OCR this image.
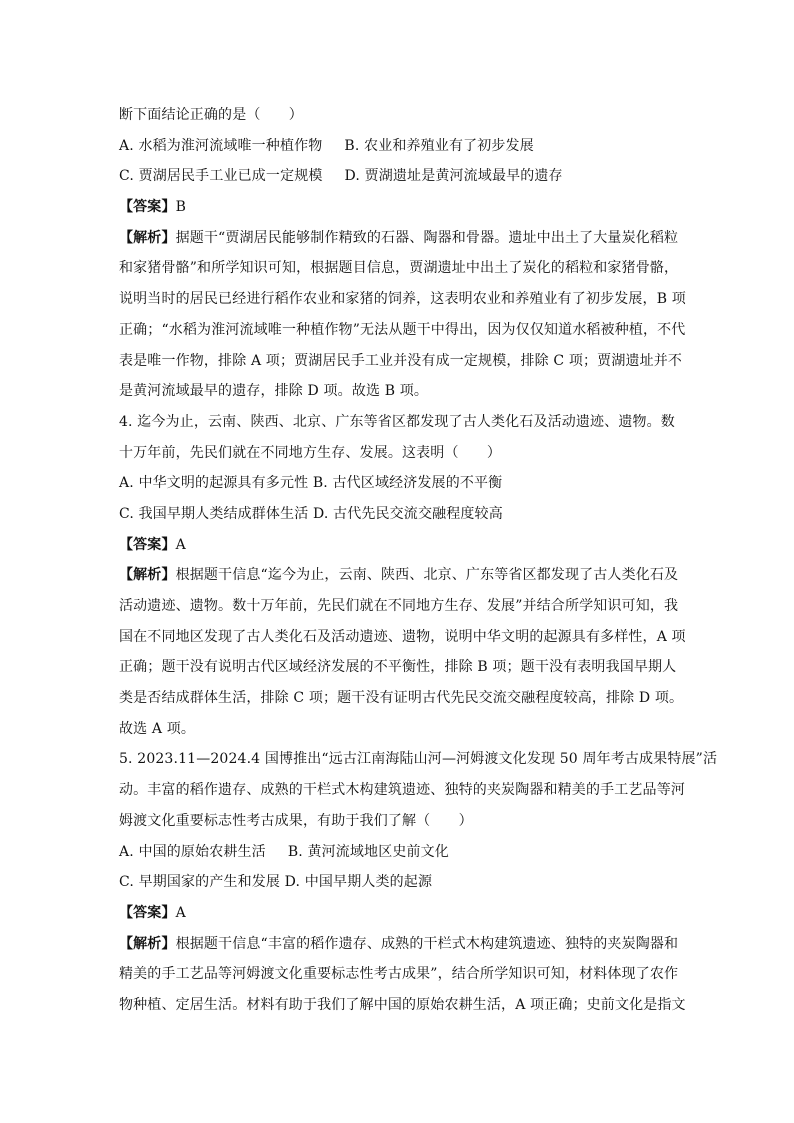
断下面结论正确的是（　　）
A. 水稻为淮河流域唯一种植作物 B. 农业和养殖业有了初步发展
C. 贾湖居民手工业已成一定规模 D. 贾湖遗址是黄河流域最早的遗存
【答案】B
【解析】据题干“贾湖居民能够制作精致的石器、陶器和骨器。遗址中出土了大量炭化稻粒
和家猪骨骼”和所学知识可知，根据题目信息，贾湖遗址中出土了炭化的稻粒和家猪骨骼，
说明当时的居民已经进行稻作农业和家猪的饲养，这表明农业和养殖业有了初步发展，B 项
正确；“水稻为淮河流域唯一种植作物”无法从题干中得出，因为仅仅知道水稻被种植，不代
表是唯一作物，排除 A 项；贾湖居民手工业并没有成一定规模，排除 C 项；贾湖遗址并不
是黄河流域最早的遗存，排除 D 项。故选 B 项。
4. 迄今为止，云南、陕西、北京、广东等省区都发现了古人类化石及活动遗迹、遗物。数
十万年前，先民们就在不同地方生存、发展。这表明（　　）
A. 中华文明的起源具有多元性 B. 古代区域经济发展的不平衡
C. 我国早期人类结成群体生活 D. 古代先民交流交融程度较高
【答案】A
【解析】根据题干信息“迄今为止，云南、陕西、北京、广东等省区都发现了古人类化石及
活动遗迹、遗物。数十万年前，先民们就在不同地方生存、发展”并结合所学知识可知，我
国在不同地区发现了古人类化石及活动遗迹、遗物，说明中华文明的起源具有多样性，A 项
正确；题干没有说明古代区域经济发展的不平衡性，排除 B 项；题干没有表明我国早期人
类是否结成群体生活，排除 C 项；题干没有证明古代先民交流交融程度较高，排除 D 项。
故选 A 项。
5. 2023.11—2024.4 国博推出“远古江南海陆山河—河姆渡文化发现 50 周年考古成果特展”活
动。丰富的稻作遗存、成熟的干栏式木构建筑遗迹、独特的夹炭陶器和精美的手工艺品等河
姆渡文化重要标志性考古成果，有助于我们了解（　　）
A. 中国的原始农耕生活 B. 黄河流域地区史前文化
C. 早期国家的产生和发展 D. 中国早期人类的起源
【答案】A
【解析】根据题干信息“丰富的稻作遗存、成熟的干栏式木构建筑遗迹、独特的夹炭陶器和
精美的手工艺品等河姆渡文化重要标志性考古成果”，结合所学知识可知，材料体现了农作
物种植、定居生活。材料有助于我们了解中国的原始农耕生活，A 项正确；史前文化是指文
